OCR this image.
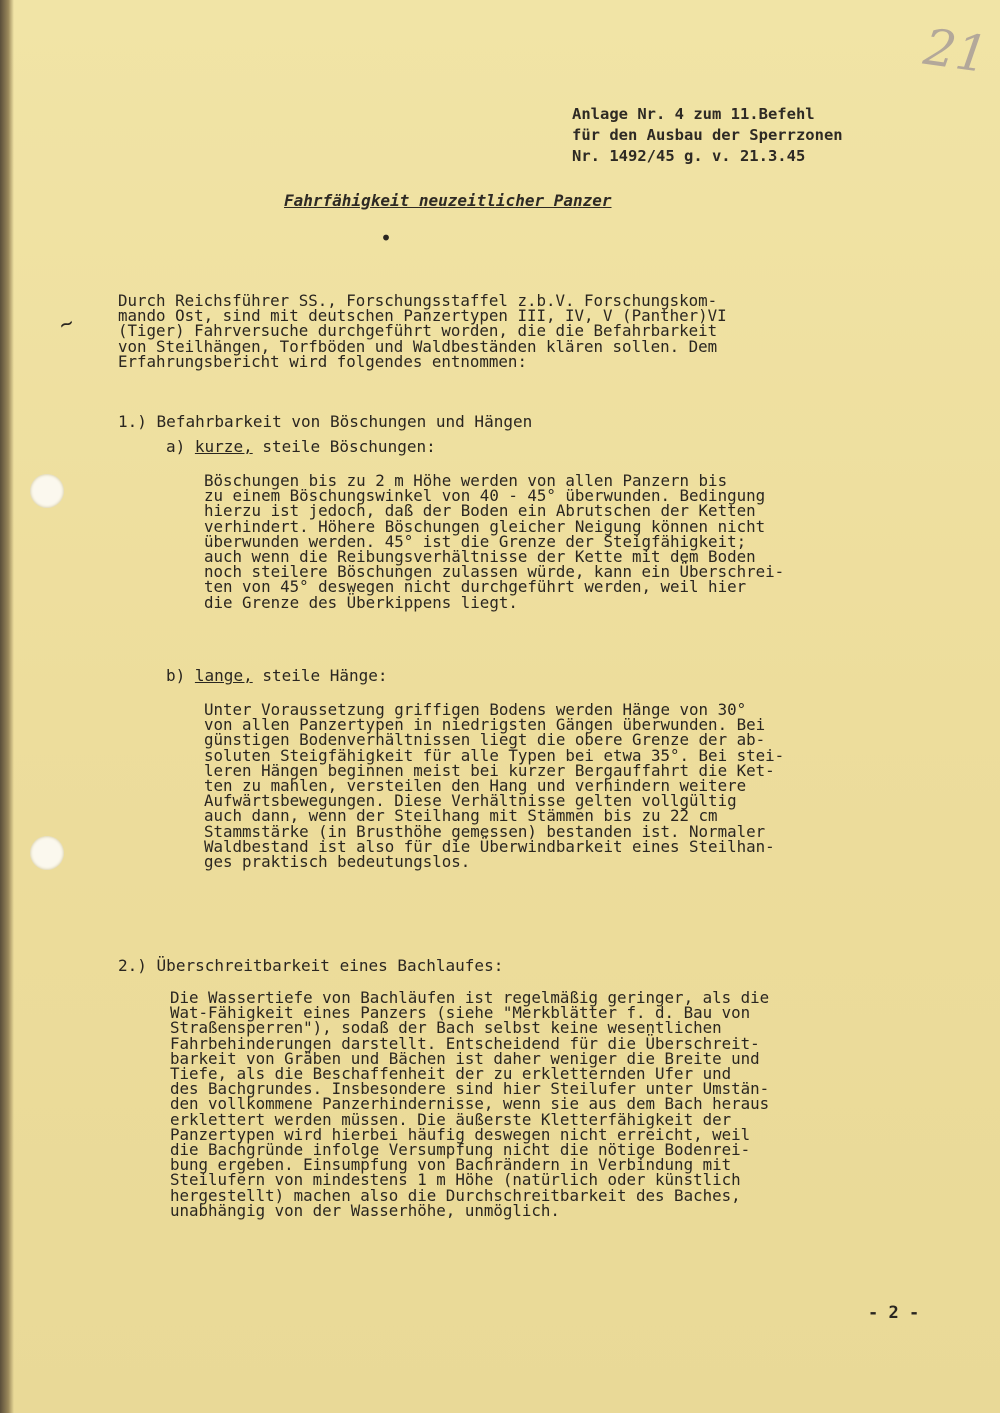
21
Anlage Nr. 4 zum 11.Befehl
für den Ausbau der Sperrzonen
Nr. 1492/45 g. v. 21.3.45
Fahrfähigkeit neuzeitlicher Panzer
•
~
Durch Reichsführer SS., Forschungsstaffel z.b.V. Forschungskom-
mando Ost, sind mit deutschen Panzertypen III, IV, V (Panther)VI
(Tiger) Fahrversuche durchgeführt worden, die die Befahrbarkeit
von Steilhängen, Torfböden und Waldbeständen klären sollen. Dem
Erfahrungsbericht wird folgendes entnommen:
1.) Befahrbarkeit von Böschungen und Hängen
a) kurze, steile Böschungen:
Böschungen bis zu 2 m Höhe werden von allen Panzern bis
zu einem Böschungswinkel von 40 - 45° überwunden. Bedingung
hierzu ist jedoch, daß der Boden ein Abrutschen der Ketten
verhindert. Höhere Böschungen gleicher Neigung können nicht
überwunden werden. 45° ist die Grenze der Steigfähigkeit;
auch wenn die Reibungsverhältnisse der Kette mit dem Boden
noch steilere Böschungen zulassen würde, kann ein Überschrei-
ten von 45° deswegen nicht durchgeführt werden, weil hier
die Grenze des Überkippens liegt.
b) lange, steile Hänge:
Unter Voraussetzung griffigen Bodens werden Hänge von 30°
von allen Panzertypen in niedrigsten Gängen überwunden. Bei
günstigen Bodenverhältnissen liegt die obere Grenze der ab-
soluten Steigfähigkeit für alle Typen bei etwa 35°. Bei stei-
leren Hängen beginnen meist bei kurzer Bergauffahrt die Ket-
ten zu mahlen, versteilen den Hang und verhindern weitere
Aufwärtsbewegungen. Diese Verhältnisse gelten vollgültig
auch dann, wenn der Steilhang mit Stämmen bis zu 22 cm
Stammstärke (in Brusthöhe gemessen) bestanden ist. Normaler
Waldbestand ist also für die Überwindbarkeit eines Steilhan-
ges praktisch bedeutungslos.
2.) Überschreitbarkeit eines Bachlaufes:
Die Wassertiefe von Bachläufen ist regelmäßig geringer, als die
Wat-Fähigkeit eines Panzers (siehe "Merkblätter f. d. Bau von
Straßensperren"), sodaß der Bach selbst keine wesentlichen
Fahrbehinderungen darstellt. Entscheidend für die Überschreit-
barkeit von Gräben und Bächen ist daher weniger die Breite und
Tiefe, als die Beschaffenheit der zu erkletternden Ufer und
des Bachgrundes. Insbesondere sind hier Steilufer unter Umstän-
den vollkommene Panzerhindernisse, wenn sie aus dem Bach heraus
erklettert werden müssen. Die äußerste Kletterfähigkeit der
Panzertypen wird hierbei häufig deswegen nicht erreicht, weil
die Bachgründe infolge Versumpfung nicht die nötige Bodenrei-
bung ergeben. Einsumpfung von Bachrändern in Verbindung mit
Steilufern von mindestens 1 m Höhe (natürlich oder künstlich
hergestellt) machen also die Durchschreitbarkeit des Baches,
unabhängig von der Wasserhöhe, unmöglich.
- 2 -
